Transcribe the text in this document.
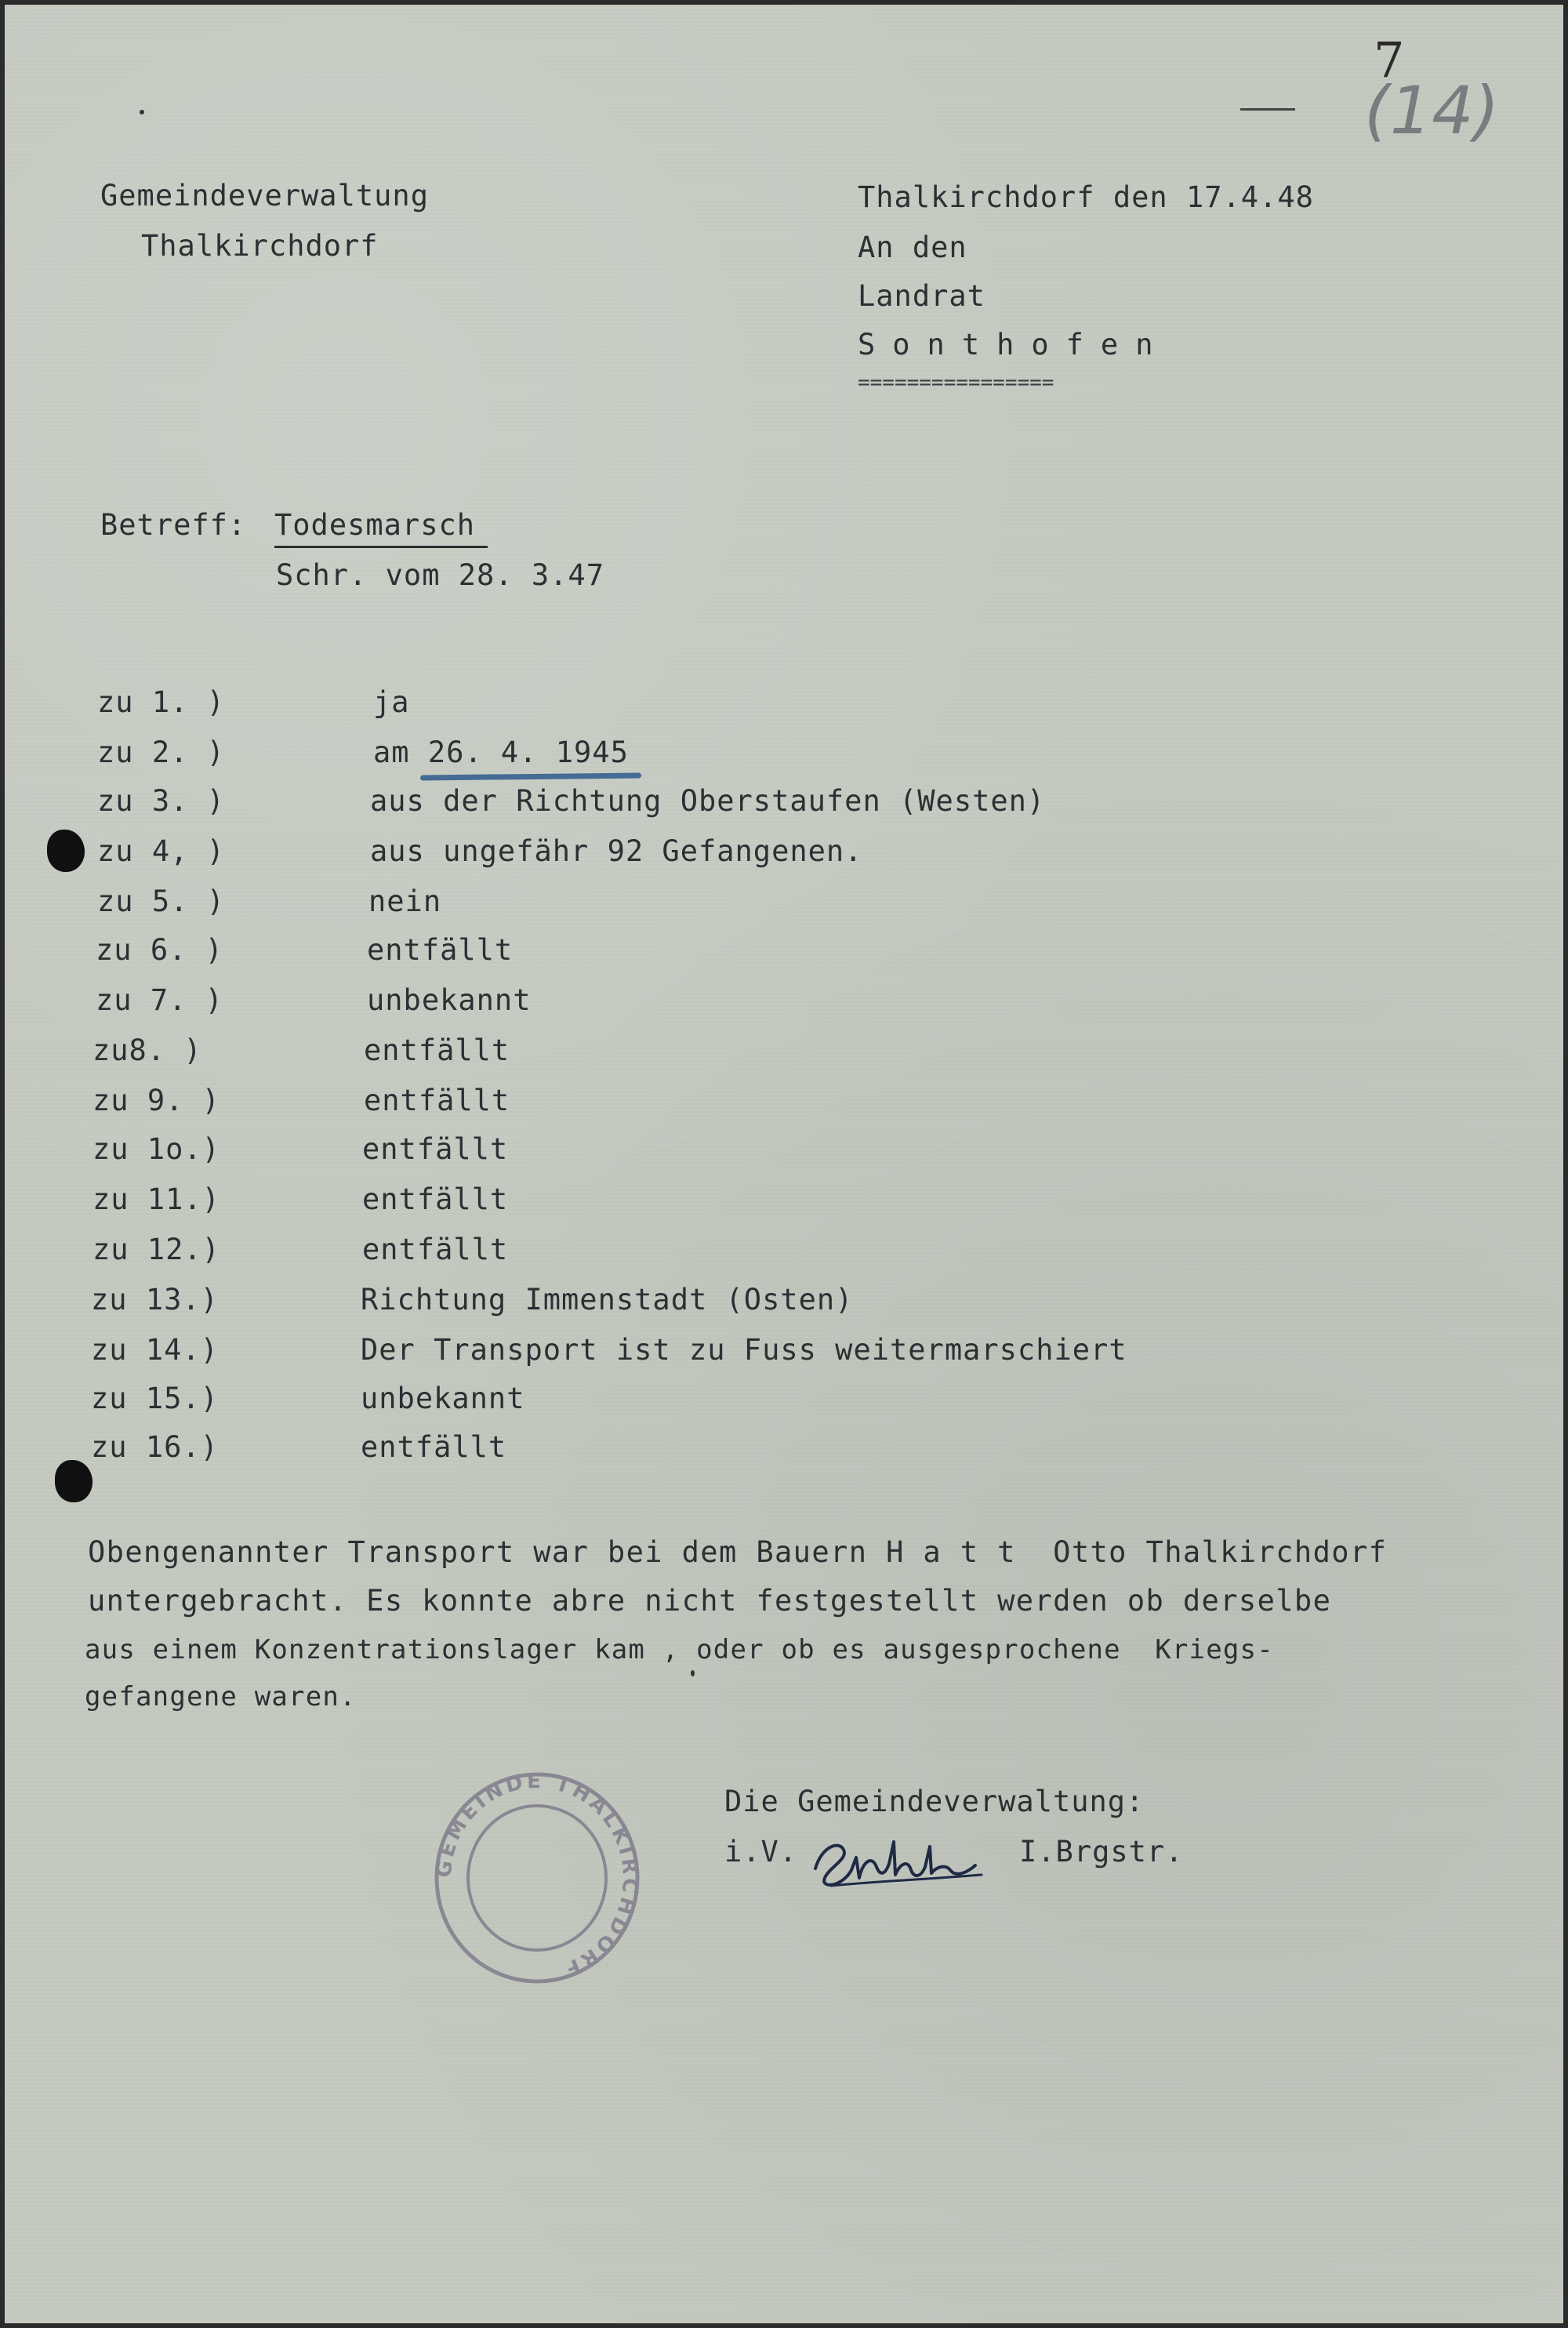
7
(14)
Gemeindeverwaltung
Thalkirchdorf
Thalkirchdorf den 17.4.48
An den
Landrat
Sonthofen
================
Betreff: Todesmarsch
Schr. vom 28. 3.47
zu 1. )	ja
zu 2. )	am 26. 4. 1945
zu 3. )	aus der Richtung Oberstaufen (Westen)
zu 4, )	aus ungefähr 92 Gefangenen.
zu 5. )	nein
zu 6. )	entfällt
zu 7. )	unbekannt
zu8. )	entfällt
zu 9. )	entfällt
zu 1o.)	entfällt
zu 11.)	entfällt
zu 12.)	entfällt
zu 13.)	Richtung Immenstadt (Osten)
zu 14.)	Der Transport ist zu Fuss weitermarschiert
zu 15.)	unbekannt
zu 16.)	entfällt
Obengenannter Transport war bei dem Bauern H a t t  Otto Thalkirchdorf
untergebracht. Es konnte abre nicht festgestellt werden ob derselbe
aus einem Konzentrationslager kam , oder ob es ausgesprochene  Kriegs-
gefangene waren.
Die Gemeindeverwaltung:
i.V.	I.Brgstr.
GEMEINDE THALKIRCHDORF
